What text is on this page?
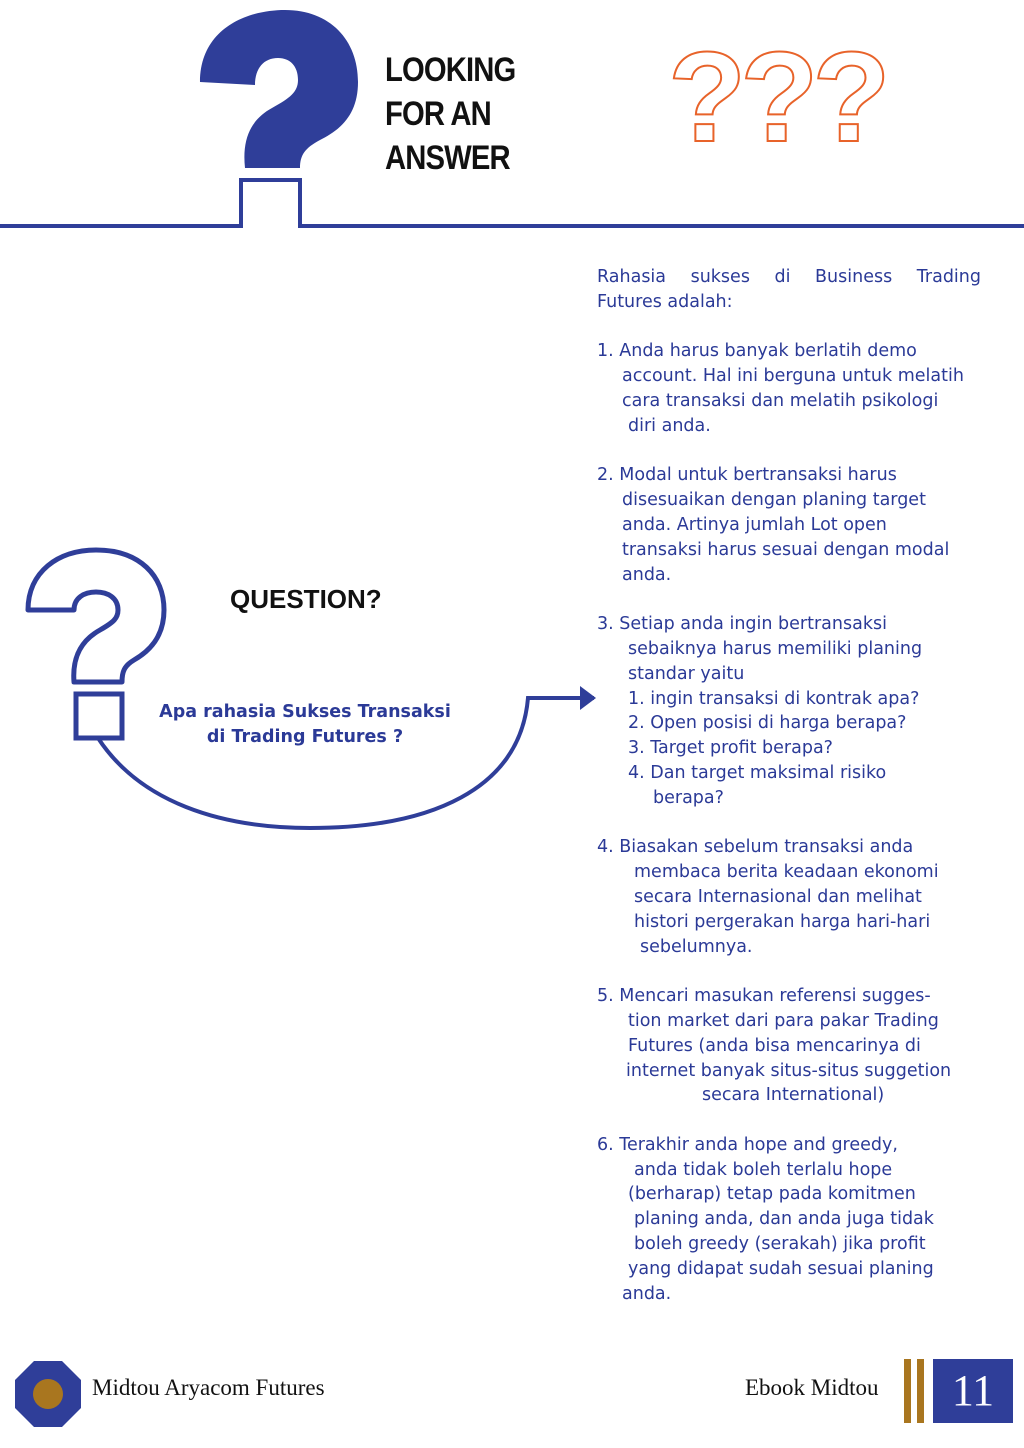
LOOKING
FOR AN
ANSWER ???
QUESTION?
Apa rahasia Sukses Transaksi
di Trading Futures ?

Rahasia sukses di Business Trading

Futures adalah:

1. Anda harus banyak berlatih demo

account. Hal ini berguna untuk melatih

cara transaksi dan melatih psikologi

diri anda.

2. Modal untuk bertransaksi harus

disesuaikan dengan planing target

anda. Artinya jumlah Lot open

transaksi harus sesuai dengan modal

anda.

3. Setiap anda ingin bertransaksi

sebaiknya harus memiliki planing

standar yaitu

1. ingin transaksi di kontrak apa?

2. Open posisi di harga berapa?

3. Target profit berapa?

4. Dan target maksimal risiko

berapa?

4. Biasakan sebelum transaksi anda

membaca berita keadaan ekonomi

secara Internasional dan melihat

histori pergerakan harga hari-hari

sebelumnya.

5. Mencari masukan referensi sugges-

tion market dari para pakar Trading

Futures (anda bisa mencarinya di

internet banyak situs-situs suggetion

secara International)

6. Terakhir anda hope and greedy,

anda tidak boleh terlalu hope

(berharap) tetap pada komitmen

planing anda, dan anda juga tidak

boleh greedy (serakah) jika profit

yang didapat sudah sesuai planing

anda.

Midtou Aryacom Futures	Ebook Midtou	11
